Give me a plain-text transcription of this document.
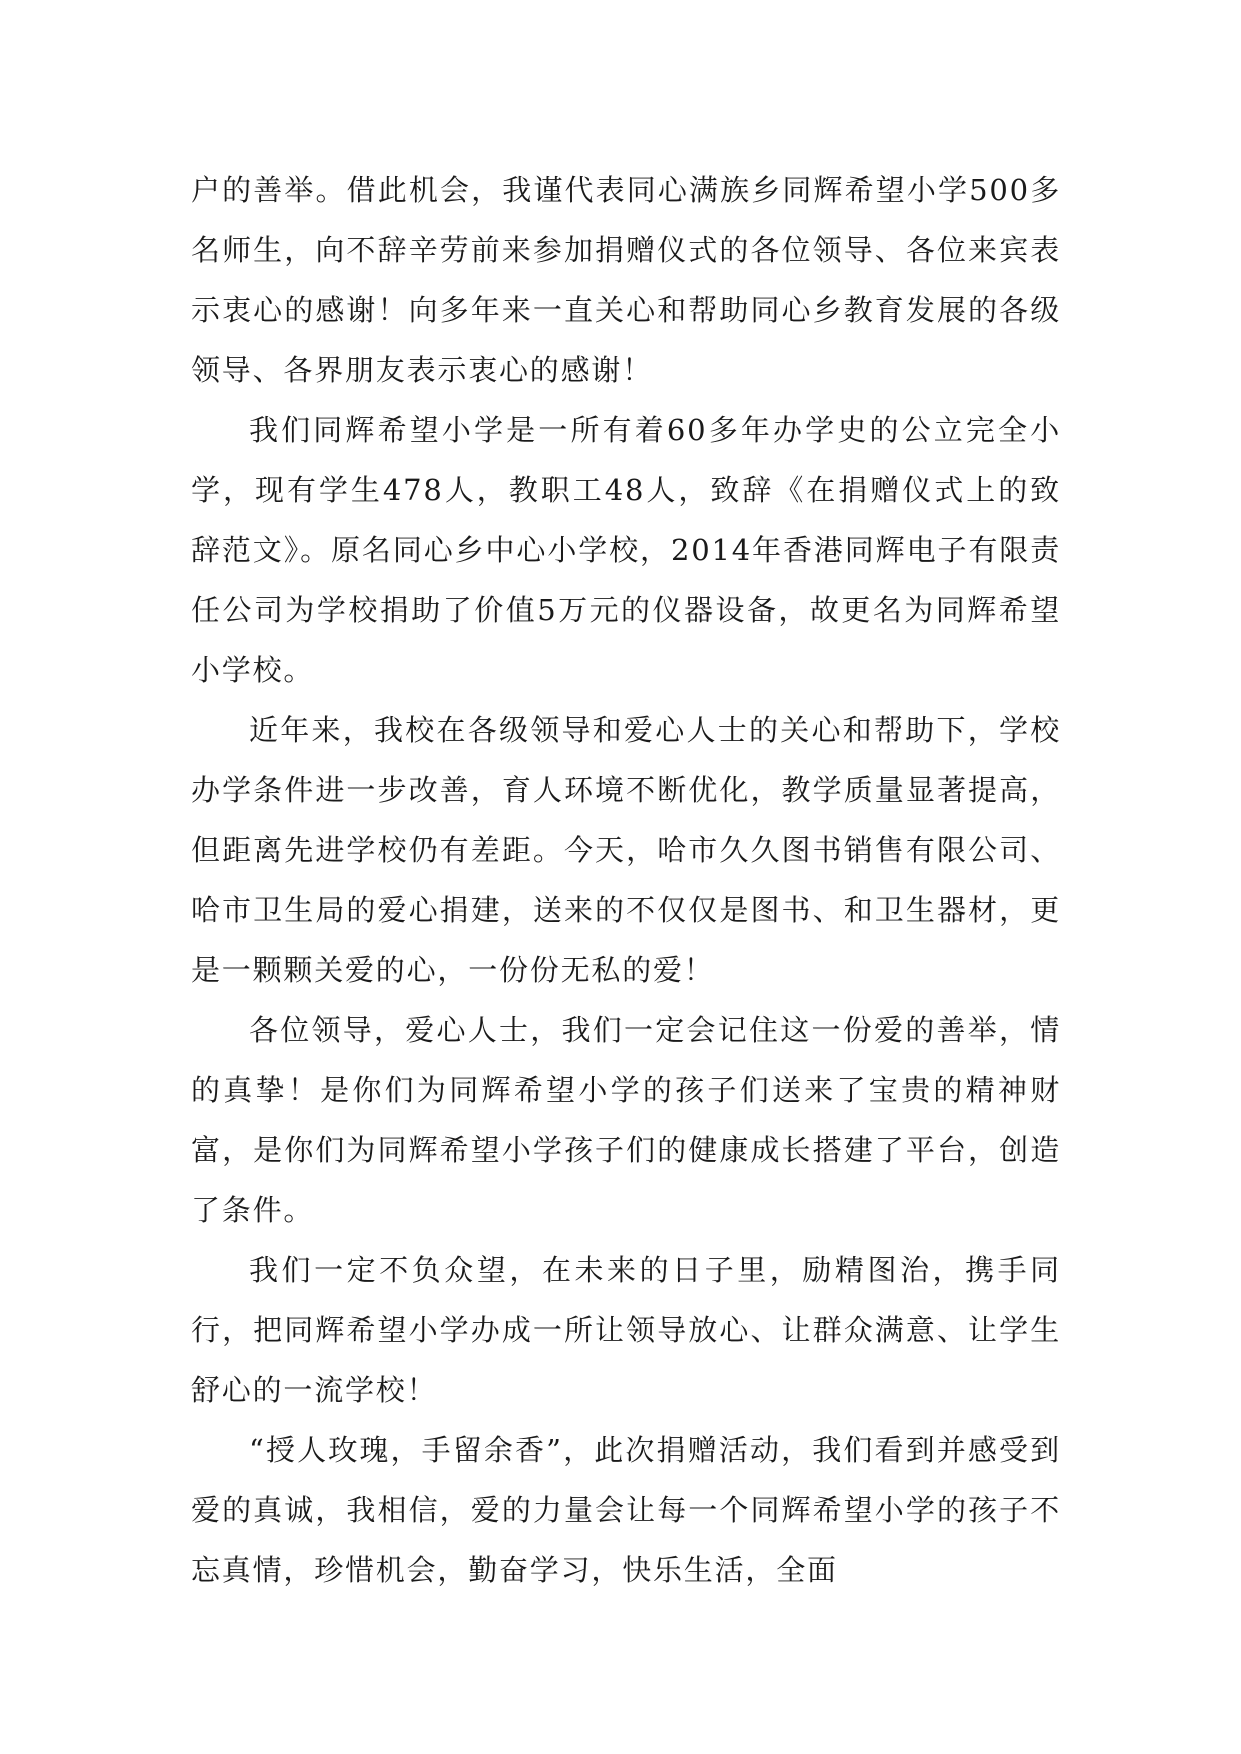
户的善举。借此机会，我谨代表同心满族乡同辉希望小学500多名师生，向不辞辛劳前来参加捐赠仪式的各位领导、各位来宾表示衷心的感谢！向多年来一直关心和帮助同心乡教育发展的各级领导、各界朋友表示衷心的感谢！

我们同辉希望小学是一所有着60多年办学史的公立完全小学，现有学生478人，教职工48人，致辞《在捐赠仪式上的致辞范文》。原名同心乡中心小学校，2014年香港同辉电子有限责任公司为学校捐助了价值5万元的仪器设备，故更名为同辉希望小学校。

近年来，我校在各级领导和爱心人士的关心和帮助下，学校办学条件进一步改善，育人环境不断优化，教学质量显著提高，但距离先进学校仍有差距。今天，哈市久久图书销售有限公司、哈市卫生局的爱心捐建，送来的不仅仅是图书、和卫生器材，更是一颗颗关爱的心，一份份无私的爱！

各位领导，爱心人士，我们一定会记住这一份爱的善举，情的真挚！是你们为同辉希望小学的孩子们送来了宝贵的精神财富，是你们为同辉希望小学孩子们的健康成长搭建了平台，创造了条件。

我们一定不负众望，在未来的日子里，励精图治，携手同行，把同辉希望小学办成一所让领导放心、让群众满意、让学生舒心的一流学校！

“授人玫瑰，手留余香”，此次捐赠活动，我们看到并感受到爱的真诚，我相信，爱的力量会让每一个同辉希望小学的孩子不忘真情，珍惜机会，勤奋学习，快乐生活，全面
